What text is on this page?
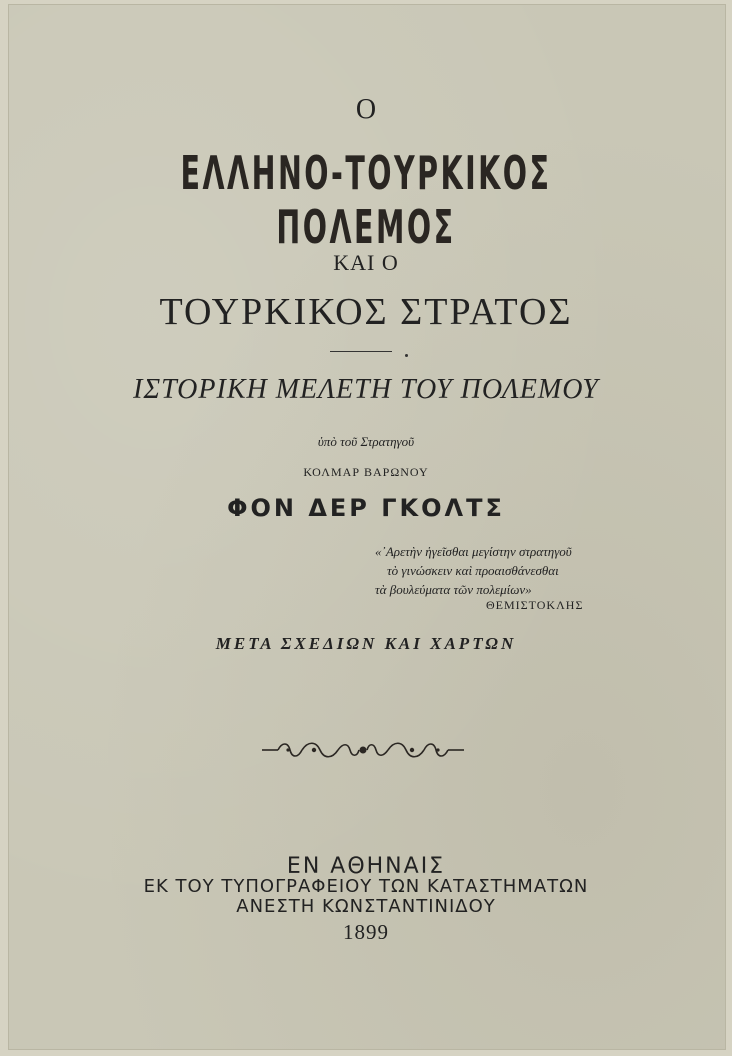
Ο
ΕΛΛΗΝΟ-ΤΟΥΡΚΙΚΟΣ ΠΟΛΕΜΟΣ
ΚΑΙ Ο
ΤΟΥΡΚΙΚΟΣ ΣΤΡΑΤΟΣ
ΙΣΤΟΡΙΚΗ ΜΕΛΕΤΗ ΤΟΥ ΠΟΛΕΜΟΥ
ὑπὸ τοῦ Στρατηγοῦ
ΚΟΛΜΑΡ ΒΑΡΩΝΟΥ
ΦΟΝ ΔΕΡ ΓΚΟΛΤΣ
«᾿Αρετὴν ἡγεῖσθαι μεγίστην στρατηγοῦ
τὸ γινώσκειν καὶ προαισθάνεσθαι
τὰ βουλεύματα τῶν πολεμίων»
ΘΕΜΙΣΤΟΚΛΗΣ
ΜΕΤΑ ΣΧΕΔΙΩΝ ΚΑΙ ΧΑΡΤΩΝ
ΕΝ ΑΘΗΝΑΙΣ
ΕΚ ΤΟΥ ΤΥΠΟΓΡΑΦΕΙΟΥ ΤΩΝ ΚΑΤΑΣΤΗΜΑΤΩΝ
ΑΝΕΣΤΗ ΚΩΝΣΤΑΝΤΙΝΙΔΟΥ
1899
